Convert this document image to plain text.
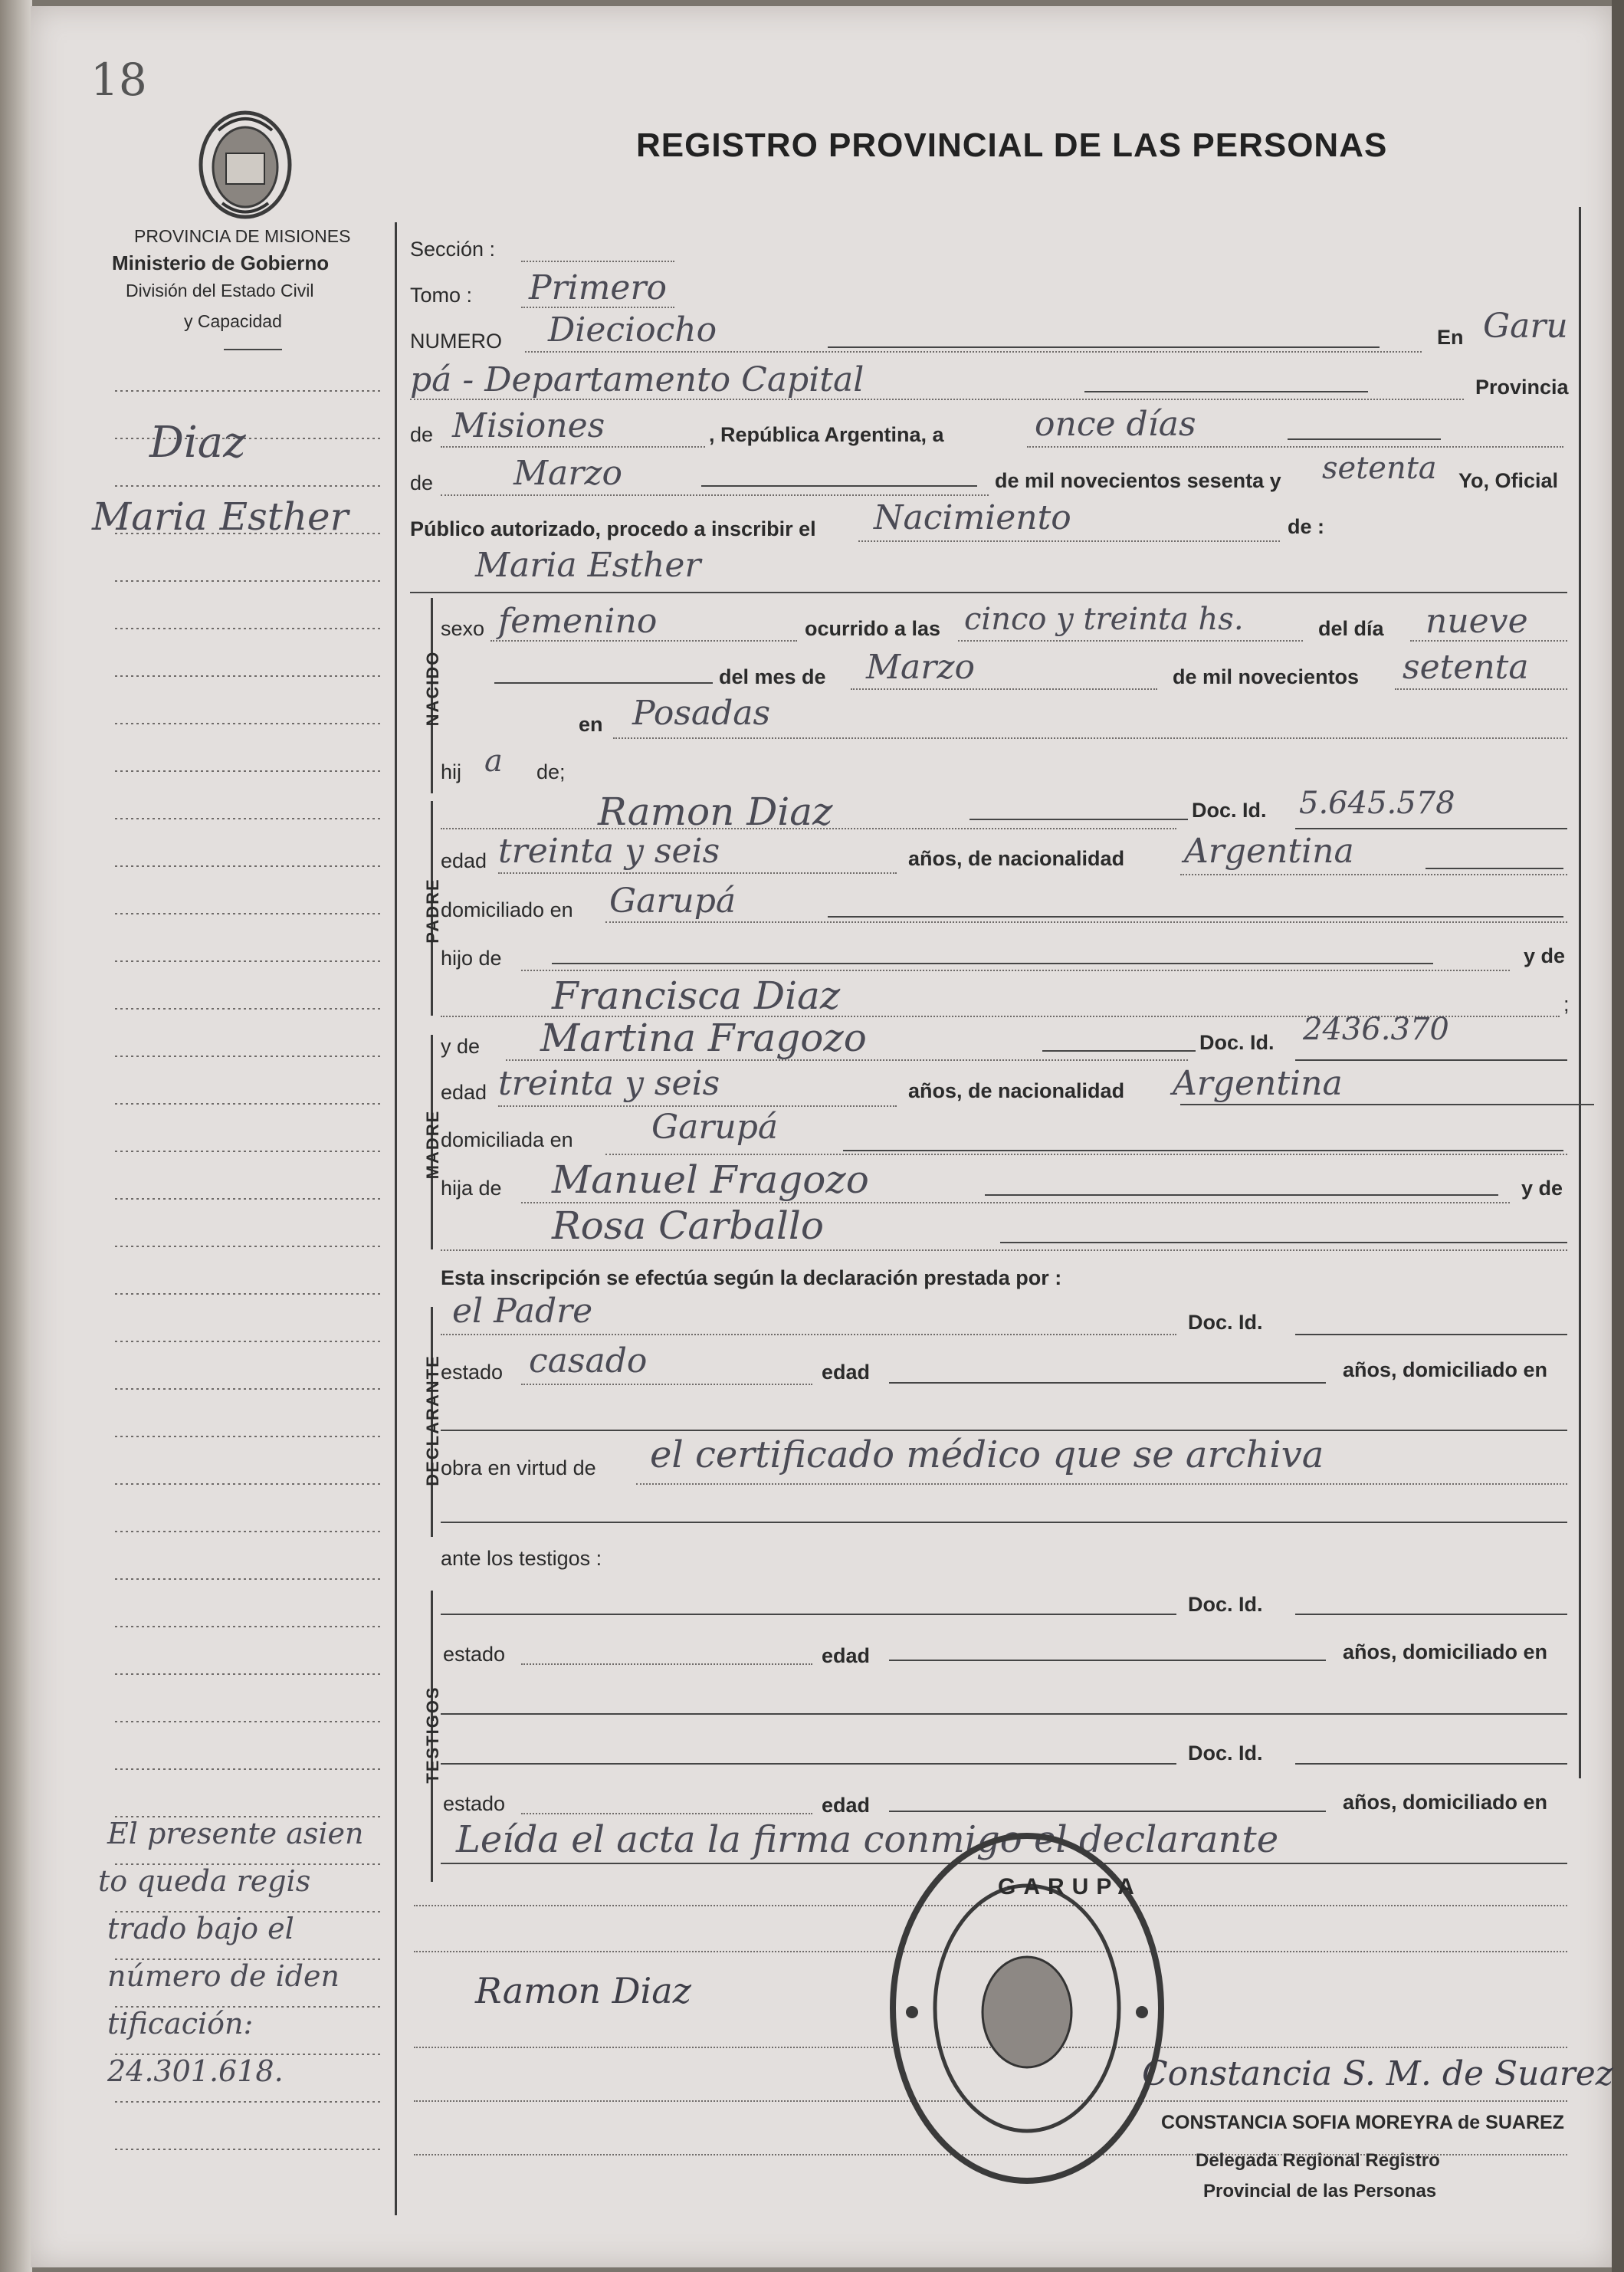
18
PROVINCIA DE MISIONES
Ministerio de Gobierno
División del Estado Civil
y Capacidad
REGISTRO PROVINCIAL DE LAS PERSONAS
Diaz
Maria Esther
El presente asien
to queda regis
trado bajo el
número de iden
tificación:
24.301.618.
Sección :
Tomo : Primero
NUMERO Dieciocho	En Garu
pá - Departamento Capital	Provincia
de Misiones	, República Argentina, a	once días
de Marzo	de mil novecientos sesenta y setenta Yo, Oficial
Público autorizado, procedo a inscribir el Nacimiento	de :
Maria Esther
NACIDO
sexo femenino	ocurrido a las cinco y treinta hs.	del día nueve
del mes de Marzo	de mil novecientos setenta
en Posadas
hij a de;
PADRE
Ramon Diaz	Doc. Id. 5.645.578
edad treinta y seis	años, de nacionalidad Argentina
domiciliado en Garupá
hijo de	y de
Francisca Diaz	;
MADRE
y de Martina Fragozo	Doc. Id. 2436.370
edad treinta y seis	años, de nacionalidad Argentina
domiciliada en Garupá
hija de Manuel Fragozo	y de
Rosa Carballo
Esta inscripción se efectúa según la declaración prestada por :
DECLARANTE
el Padre	Doc. Id.
estado casado	edad	años, domiciliado en
obra en virtud de el certificado médico que se archiva
ante los testigos :
TESTIGOS
Doc. Id.
estado	edad	años, domiciliado en
Doc. Id.
estado	edad	años, domiciliado en
Leída el acta la firma conmigo el declarante
Ramon Diaz
Constancia S. M. de Suarez
GARUPA
CONSTANCIA SOFIA MOREYRA de SUAREZ
Delegada Regional Registro
Provincial de las Personas
